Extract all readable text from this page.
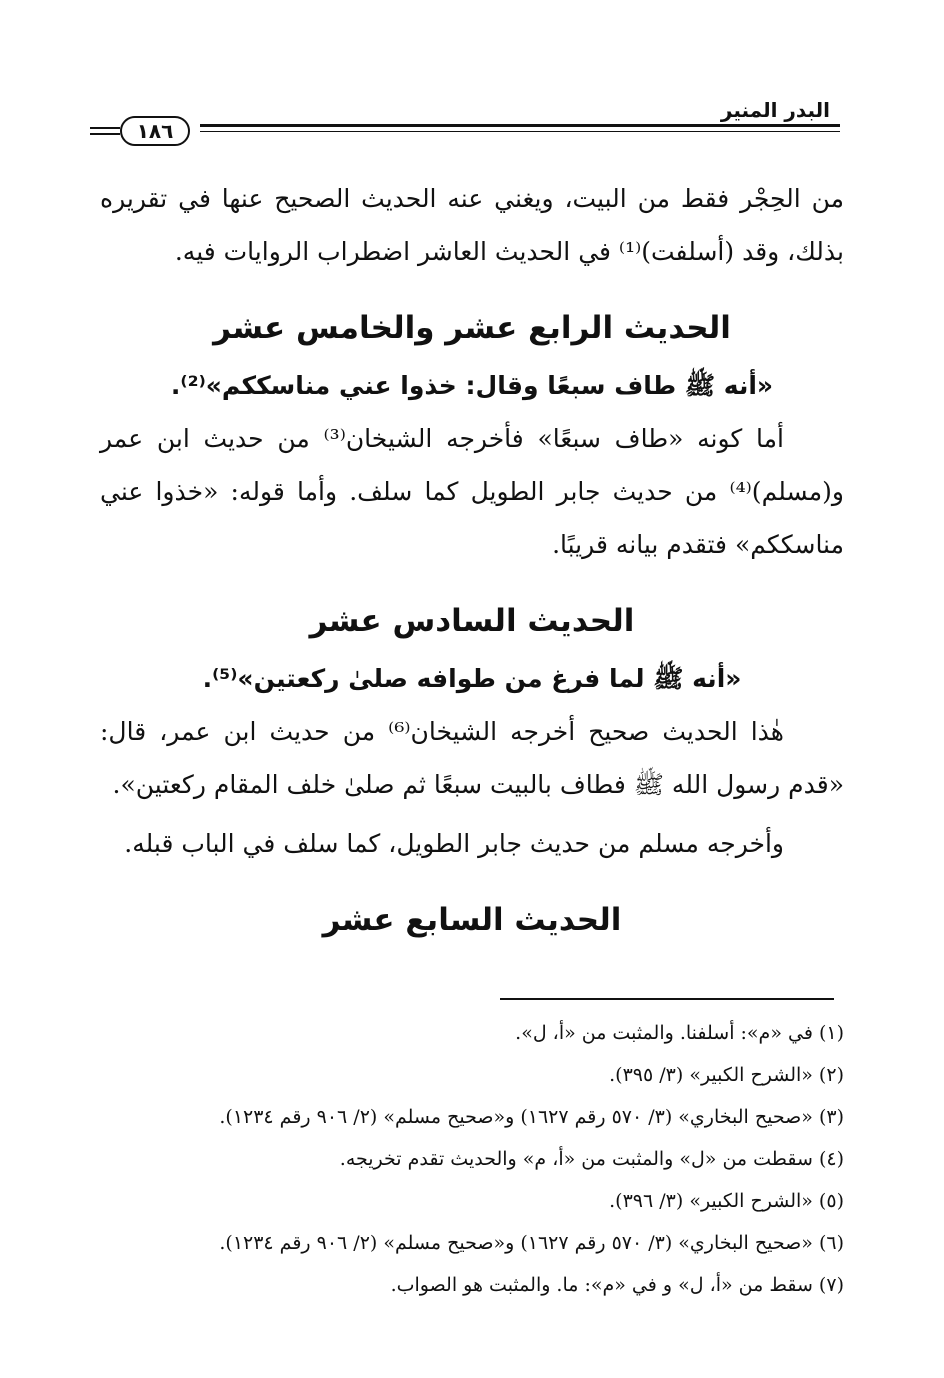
البدر المنير
١٨٦

من الحِجْر فقط من البيت، ويغني عنه الحديث الصحيح عنها في تقريره بذلك، وقد (أسلفت)⁽¹⁾ في الحديث العاشر اضطراب الروايات فيه.

الحديث الرابع عشر والخامس عشر
«أنه ﷺ طاف سبعًا وقال: خذوا عني مناسككم»⁽²⁾.

أما كونه «طاف سبعًا» فأخرجه الشيخان⁽³⁾ من حديث ابن عمر و(مسلم)⁽⁴⁾ من حديث جابر الطويل كما سلف. وأما قوله: «خذوا عني مناسككم» فتقدم بيانه قريبًا.

الحديث السادس عشر
«أنه ﷺ لما فرغ من طوافه صلىٰ ركعتين»⁽⁵⁾.

هٰذا الحديث صحيح أخرجه الشيخان⁽⁶⁾ من حديث ابن عمر، قال: «قدم رسول الله ﷺ فطاف بالبيت سبعًا ثم صلىٰ خلف المقام ركعتين».

وأخرجه مسلم من حديث جابر الطويل، كما سلف في الباب قبله.

الحديث السابع عشر
(١) في «م»: أسلفنا. والمثبت من «أ، ل».
(٢) «الشرح الكبير» (٣/ ٣٩٥).
(٣) «صحيح البخاري» (٣/ ٥٧٠ رقم ١٦٢٧) و«صحيح مسلم» (٢/ ٩٠٦ رقم ١٢٣٤).
(٤) سقطت من «ل» والمثبت من «أ، م» والحديث تقدم تخريجه.
(٥) «الشرح الكبير» (٣/ ٣٩٦).
(٦) «صحيح البخاري» (٣/ ٥٧٠ رقم ١٦٢٧) و«صحيح مسلم» (٢/ ٩٠٦ رقم ١٢٣٤).
(٧) سقط من «أ، ل» و في «م»: ما. والمثبت هو الصواب.
